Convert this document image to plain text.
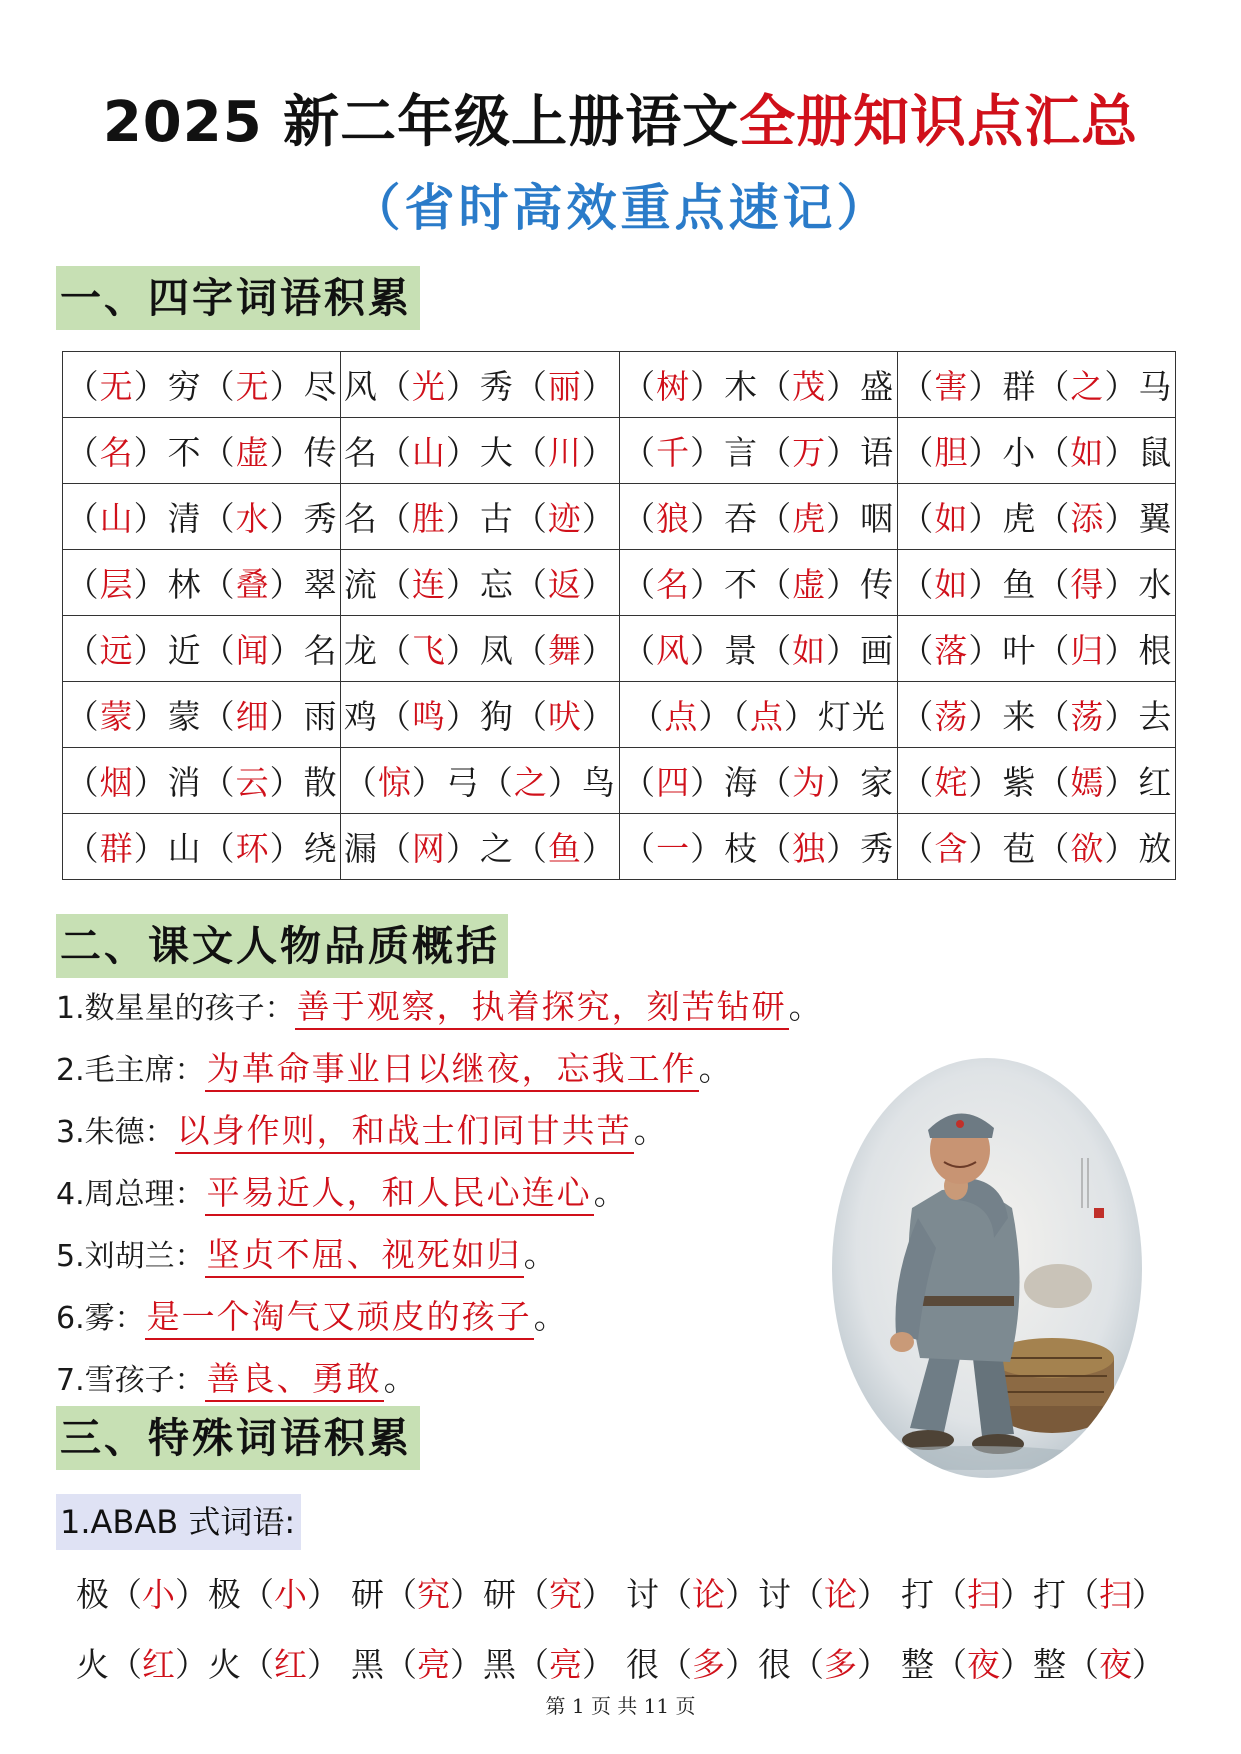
2025 新二年级上册语文全册知识点汇总
（省时高效重点速记）
一、四字词语积累
（无）穷（无）尽	风（光）秀（丽）	（树）木（茂）盛	（害）群（之）马
（名）不（虚）传	名（山）大（川）	（千）言（万）语	（胆）小（如）鼠
（山）清（水）秀	名（胜）古（迹）	（狼）吞（虎）咽	（如）虎（添）翼
（层）林（叠）翠	流（连）忘（返）	（名）不（虚）传	（如）鱼（得）水
（远）近（闻）名	龙（飞）凤（舞）	（风）景（如）画	（落）叶（归）根
（蒙）蒙（细）雨	鸡（鸣）狗（吠）	（点）（点）灯光	（荡）来（荡）去
（烟）消（云）散	（惊）弓（之）鸟	（四）海（为）家	（姹）紫（嫣）红
（群）山（环）绕	漏（网）之（鱼）	（一）枝（独）秀	（含）苞（欲）放
二、课文人物品质概括
1.数星星的孩子：善于观察，执着探究，刻苦钻研。
2.毛主席：为革命事业日以继夜，忘我工作。
3.朱德：以身作则，和战士们同甘共苦。
4.周总理：平易近人，和人民心连心。
5.刘胡兰：坚贞不屈、视死如归。
6.雾：是一个淘气又顽皮的孩子。
7.雪孩子：善良、勇敢。
三、特殊词语积累
1.ABAB 式词语:
极（小）极（小） 研（究）研（究） 讨（论）讨（论） 打（扫）打（扫）
火（红）火（红） 黑（亮）黑（亮） 很（多）很（多） 整（夜）整（夜）
第 1 页 共 11 页
